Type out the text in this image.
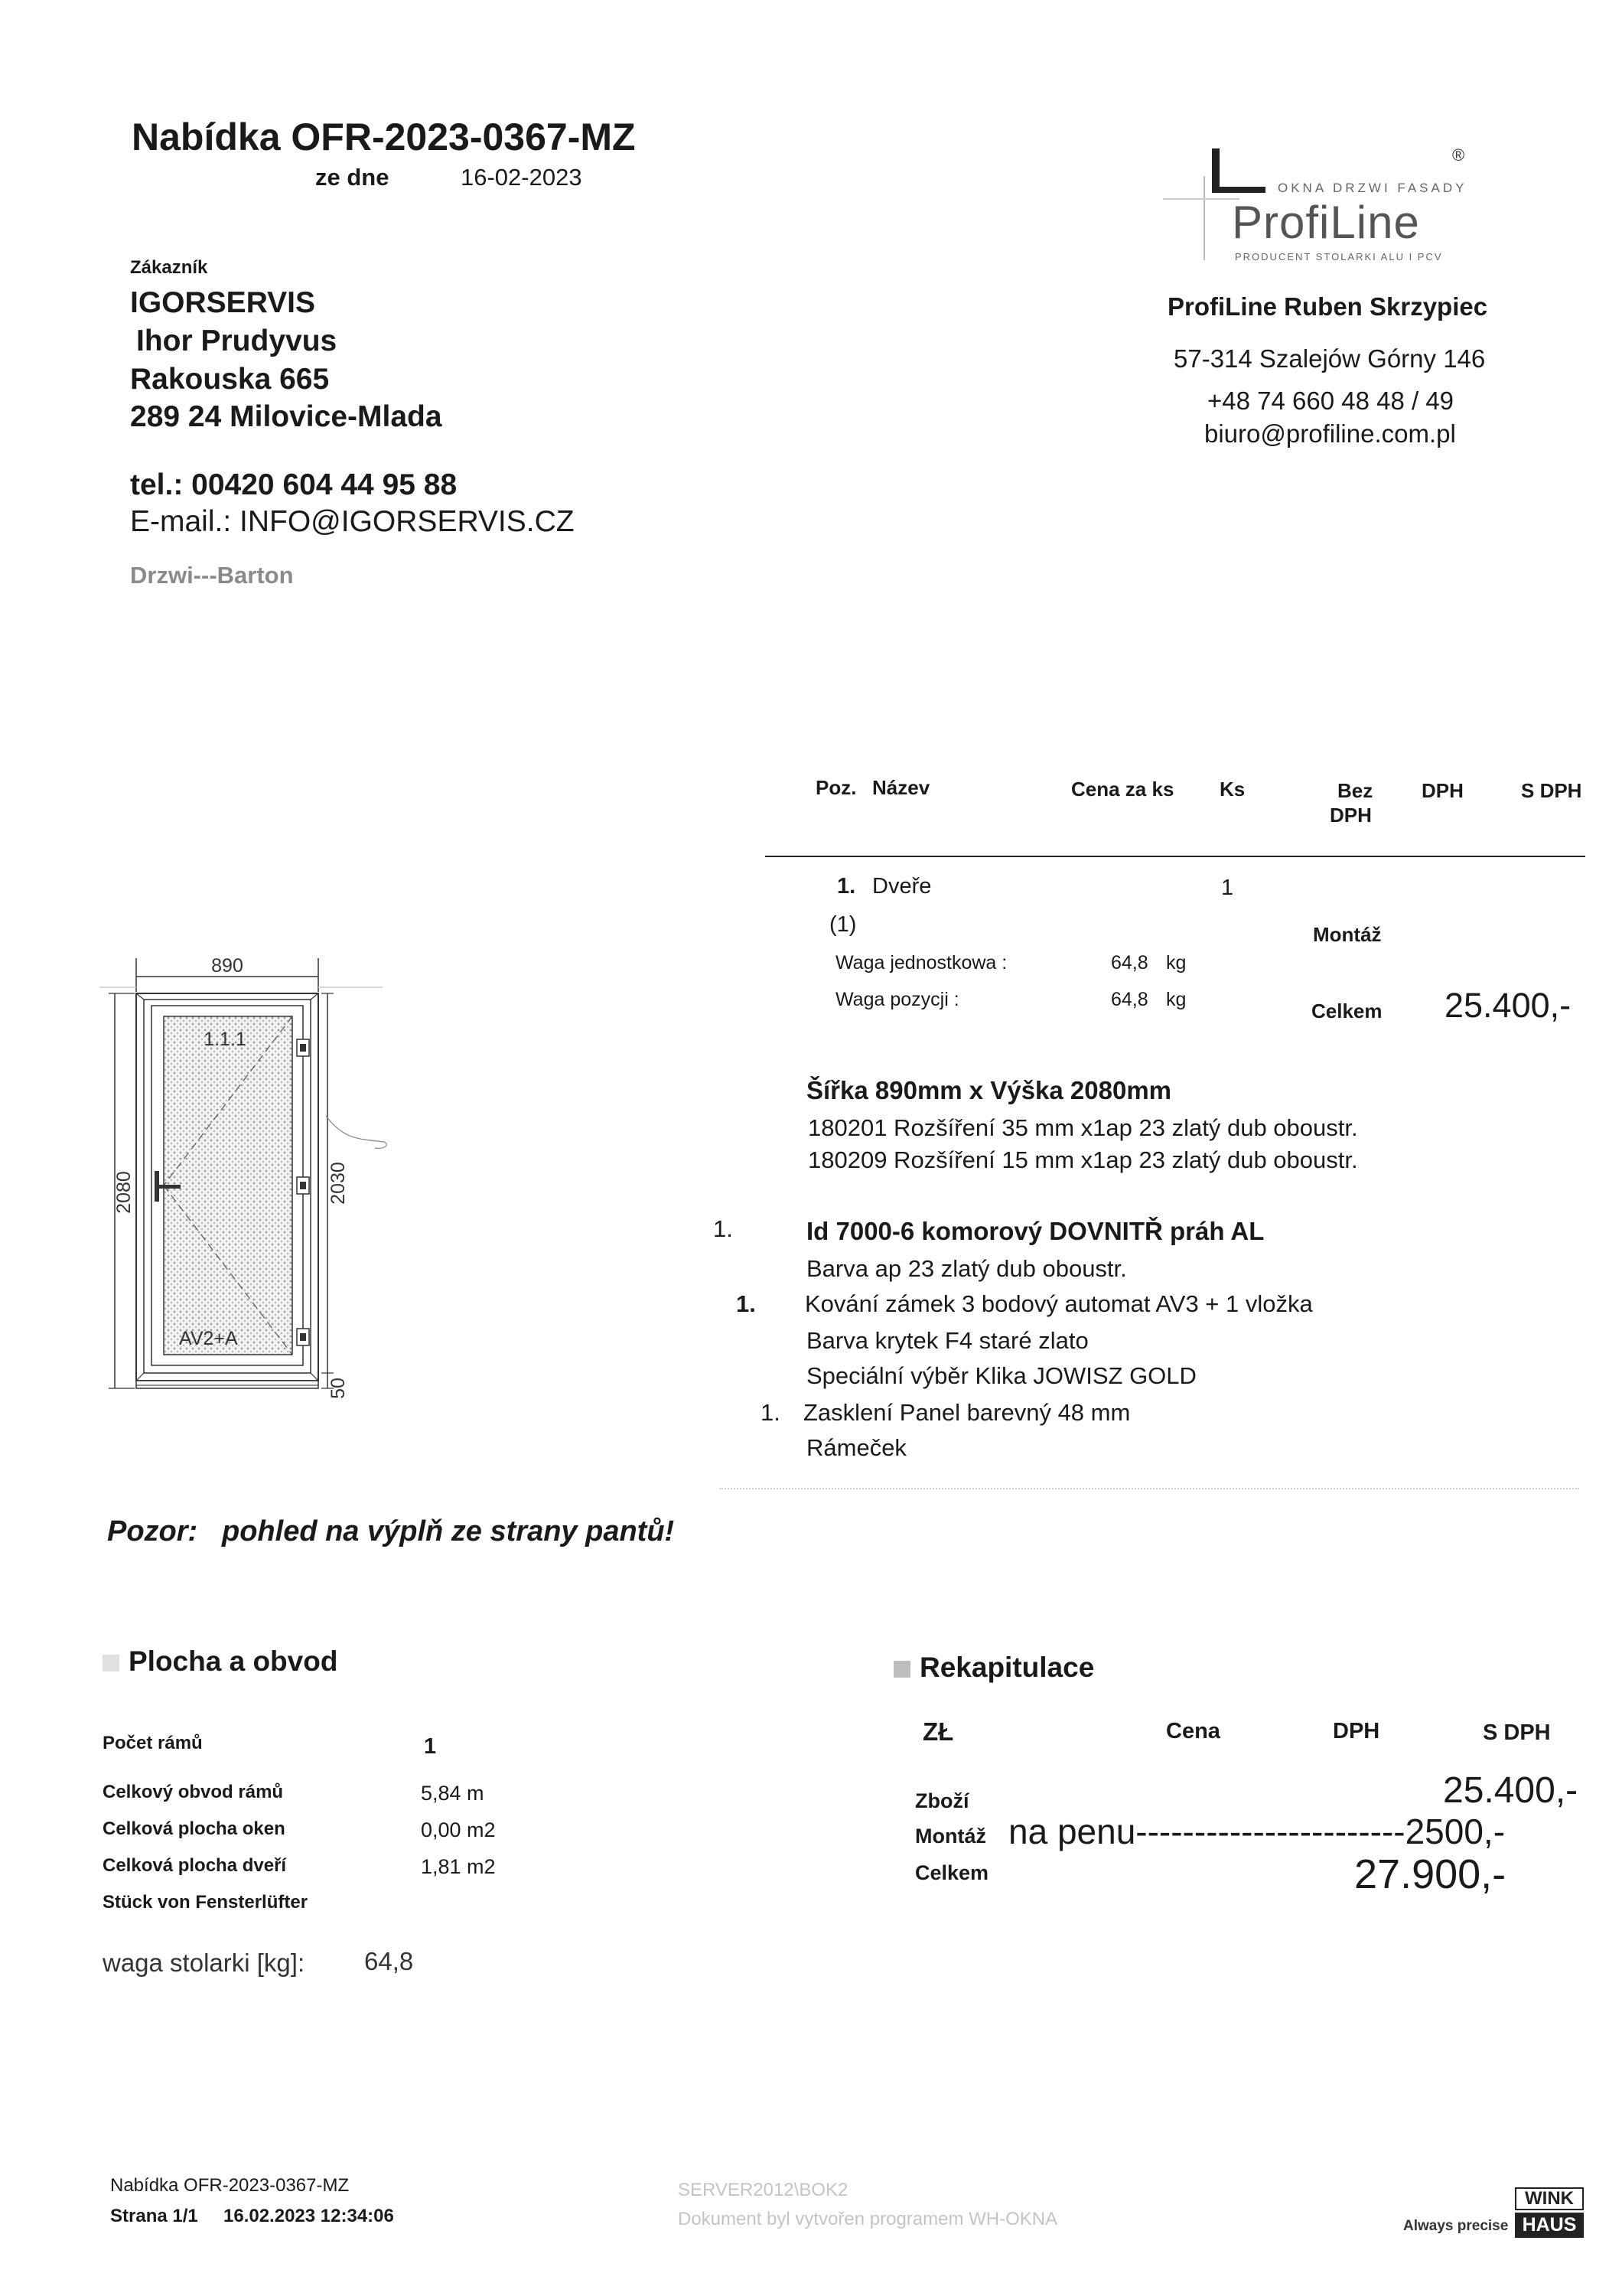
Nabídka OFR-2023-0367-MZ
ze dne	16-02-2023
Zákazník
IGORSERVIS
Ihor Prudyvus
Rakouska 665
289 24 Milovice-Mlada
tel.: 00420 604 44 95 88
E-mail.: INFO@IGORSERVIS.CZ
Drzwi---Barton
®
OKNA DRZWI FASADY
ProfiLine
PRODUCENT STOLARKI ALU I PCV
ProfiLine Ruben Skrzypiec
57-314 Szalejów Górny 146
+48 74 660 48 48 / 49
biuro@profiline.com.pl
Poz. Název	Cena za ks Ks	Bez
DPH
DPH	S DPH
1. Dveře	1
(1)	Montáž
Waga jednostkowa :	64,8 kg
Waga pozycji :	64,8 kg	Celkem 25.400,-
890
2080	2030
50
1.1.1
AV2+A
Šířka 890mm x Výška 2080mm
180201 Rozšíření 35 mm x1ap 23 zlatý dub oboustr.
180209 Rozšíření 15 mm x1ap 23 zlatý dub oboustr.
1.	Id 7000-6 komorový DOVNITŘ práh AL
Barva ap 23 zlatý dub oboustr.
1. Kování zámek 3 bodový automat AV3 + 1 vložka
Barva krytek F4 staré zlato
Speciální výběr Klika JOWISZ GOLD
1. Zasklení Panel barevný 48 mm
Rámeček
Pozor: pohled na výplň ze strany pantů!
Plocha a obvod
Počet rámů	1
Celkový obvod rámů	5,84 m
Celková plocha oken	0,00 m2
Celková plocha dveří	1,81 m2
Stück von Fensterlüfter
waga stolarki [kg]: 64,8
Rekapitulace
ZŁ	Cena	DPH	S DPH
Zboží	25.400,-
Montáž na penu-----------------------2500,-
Celkem	27.900,-
Nabídka OFR-2023-0367-MZ
Strana 1/1 16.02.2023 12:34:06
SERVER2012\BOK2
Dokument byl vytvořen programem WH-OKNA	Always precise
WINK
HAUS
